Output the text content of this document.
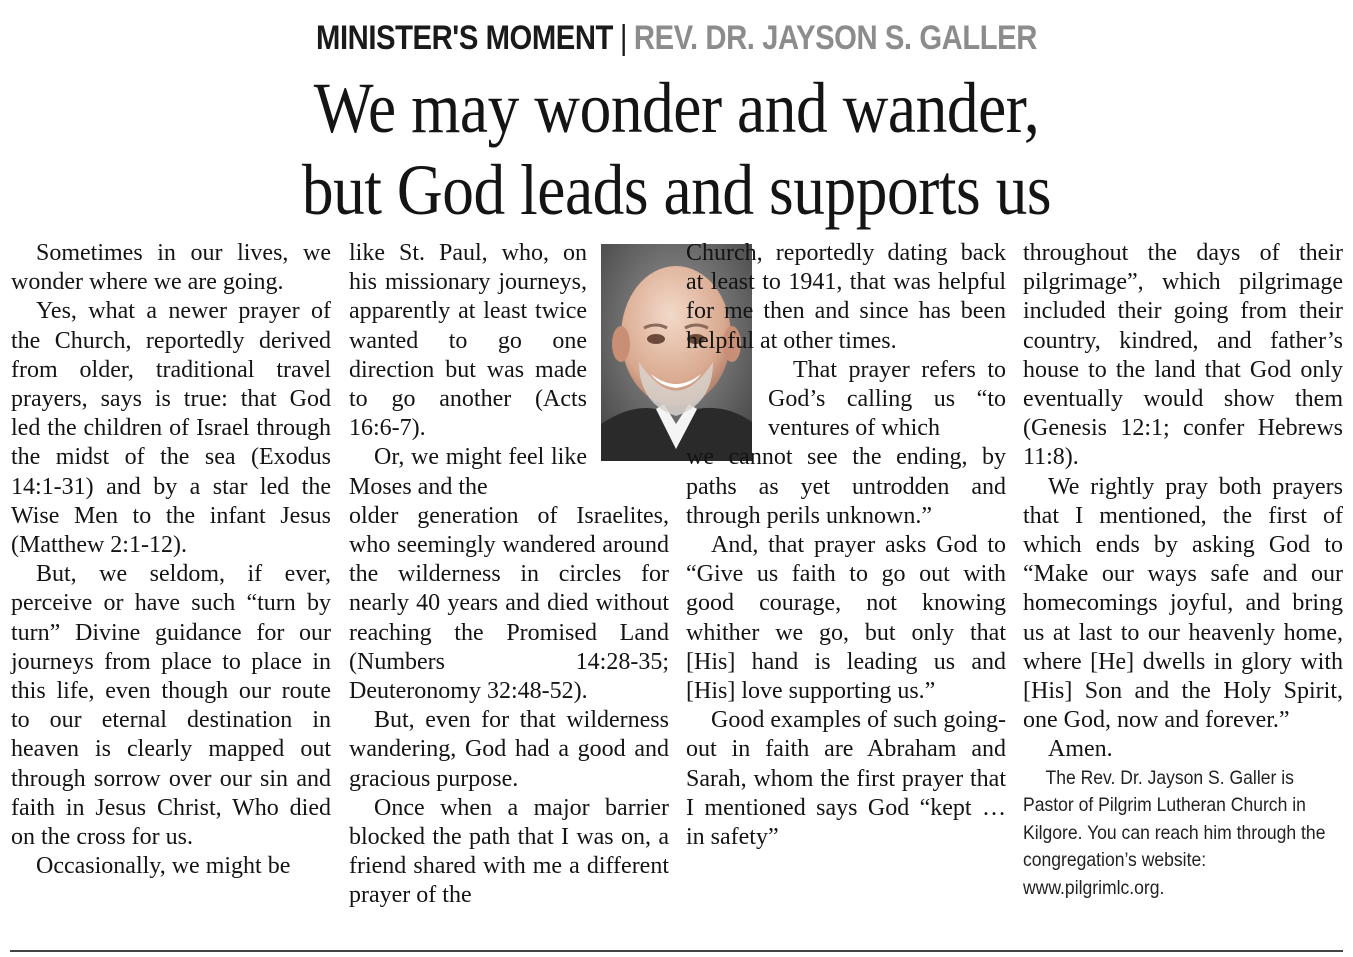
MINISTER'S MOMENT | REV. DR. JAYSON S. GALLER
We may wonder and wander,
but God leads and supports us

Sometimes in our lives, we wonder where we are going.

Yes, what a newer prayer of the Church, reportedly derived from older, traditional travel prayers, says is true: that God led the children of Israel through the midst of the sea (Exodus 14:1-31) and by a star led the Wise Men to the infant Jesus (Matthew 2:1-12).

But, we seldom, if ever, perceive or have such “turn by turn” Divine guidance for our journeys from place to place in this life, even though our route to our eternal destination in heaven is clearly mapped out through sorrow over our sin and faith in Jesus Christ, Who died on the cross for us.

Occasionally, we might be

like St. Paul, who, on his missionary journeys, apparently at least twice wanted to go one direction but was made to go another (Acts 16:6-7).

Or, we might feel like Moses and the

older generation of Israelites, who seemingly wandered around the wilderness in circles for nearly 40 years and died without reaching the Promised Land (Numbers 14:28-35; Deuteronomy 32:48-52).

But, even for that wilderness wandering, God had a good and gracious purpose.

Once when a major barrier blocked the path that I was on, a friend shared with me a different prayer of the

Church, reportedly dating back at least to 1941, that was helpful for me then and since has been helpful at other times.

That prayer refers to God’s calling us “to ventures of which

we cannot see the ending, by paths as yet untrodden and through perils unknown.”

And, that prayer asks God to “Give us faith to go out with good courage, not knowing whither we go, but only that [His] hand is leading us and [His] love supporting us.”

Good examples of such going-out in faith are Abraham and Sarah, whom the first prayer that I mentioned says God “kept … in safety”

throughout the days of their pilgrimage”, which pilgrimage included their going from their country, kindred, and father’s house to the land that God only eventually would show them (Genesis 12:1; confer Hebrews 11:8).

We rightly pray both prayers that I mentioned, the first of which ends by asking God to “Make our ways safe and our homecomings joyful, and bring us at last to our heavenly home, where [He] dwells in glory with [His] Son and the Holy Spirit, one God, now and forever.”

Amen.

The Rev. Dr. Jayson S. Galler is Pastor of Pilgrim Lutheran Church in Kilgore. You can reach him through the congregation’s website: www.pilgrimlc.org.
